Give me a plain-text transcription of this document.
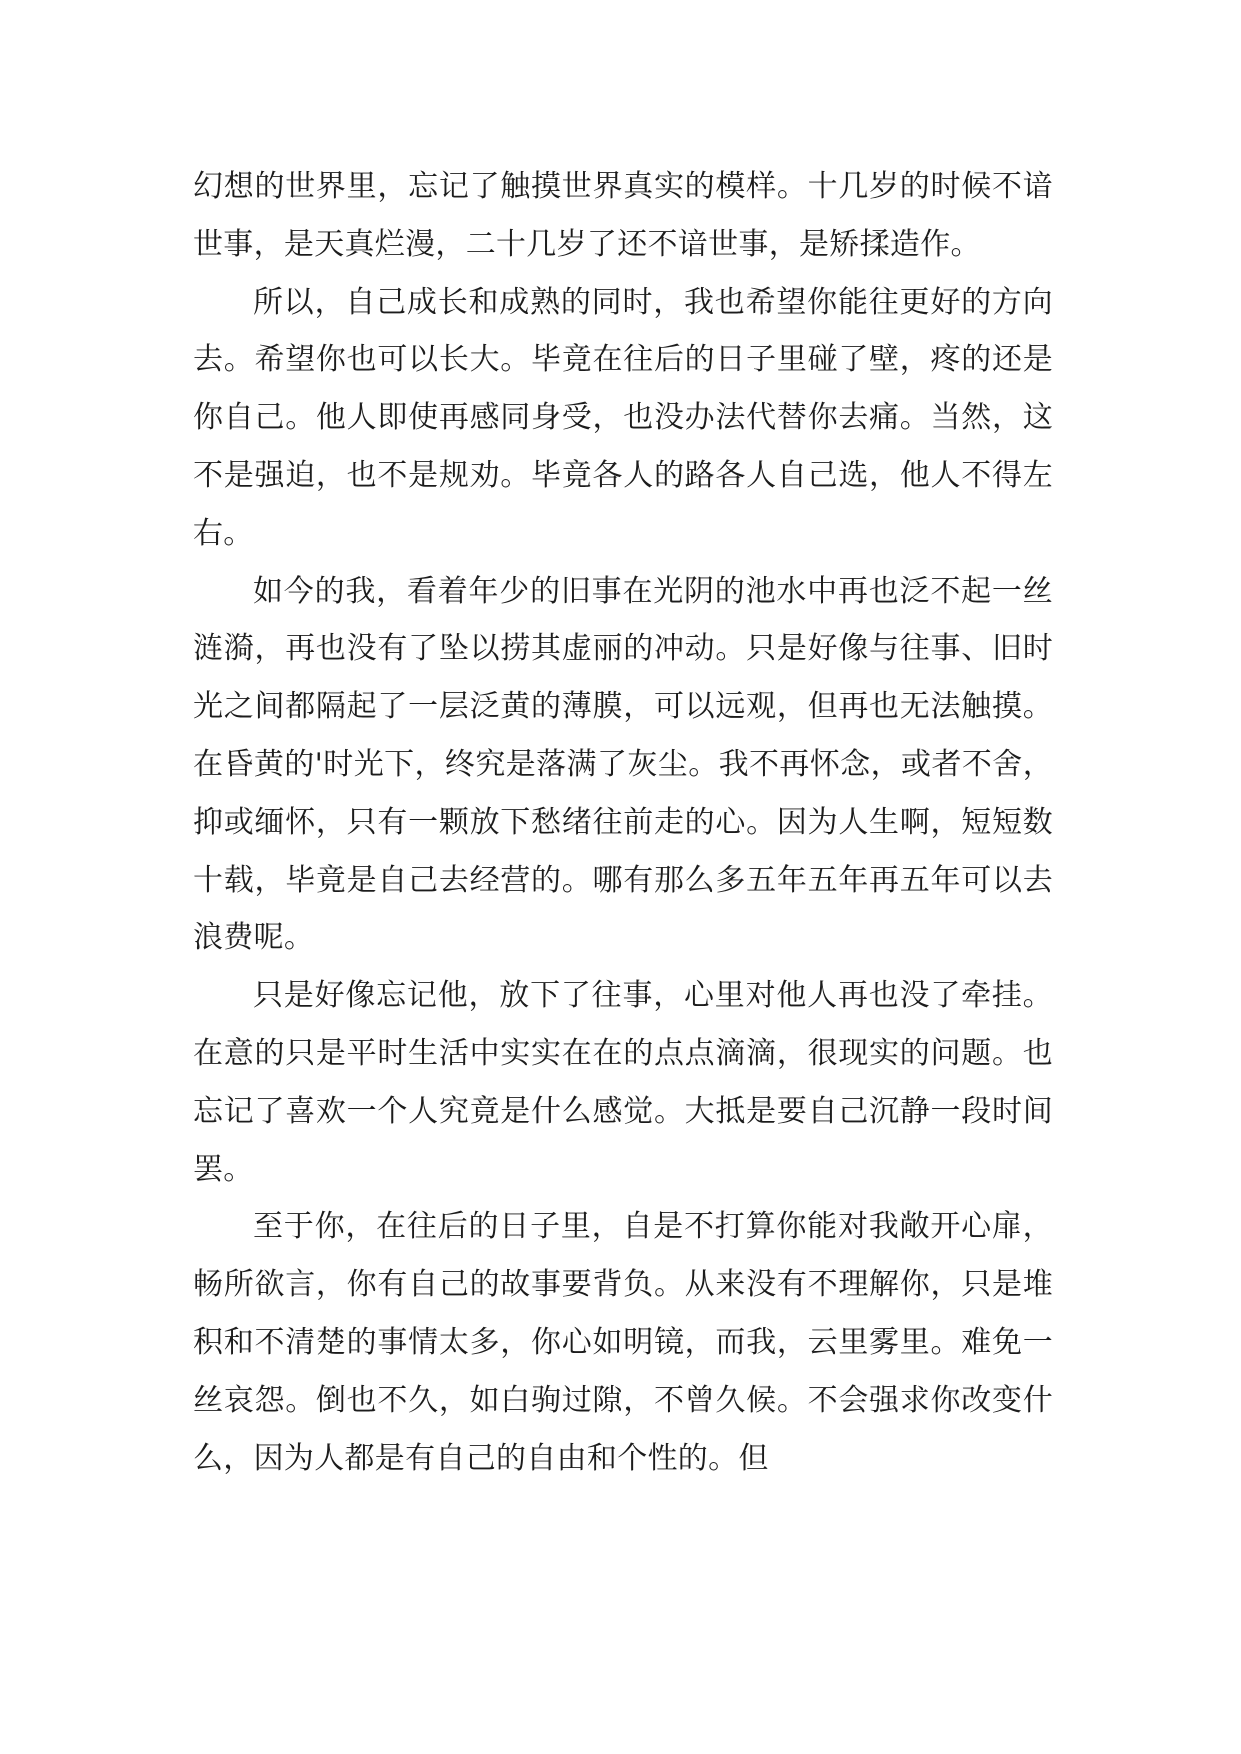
幻想的世界里，忘记了触摸世界真实的模样。十几岁的时候不谙世事，是天真烂漫，二十几岁了还不谙世事，是矫揉造作。

所以，自己成长和成熟的同时，我也希望你能往更好的方向去。希望你也可以长大。毕竟在往后的日子里碰了壁，疼的还是你自己。他人即使再感同身受，也没办法代替你去痛。当然，这不是强迫，也不是规劝。毕竟各人的路各人自己选，他人不得左右。

如今的我，看着年少的旧事在光阴的池水中再也泛不起一丝涟漪，再也没有了坠以捞其虚丽的冲动。只是好像与往事、旧时光之间都隔起了一层泛黄的薄膜，可以远观，但再也无法触摸。在昏黄的'时光下，终究是落满了灰尘。我不再怀念，或者不舍，抑或缅怀，只有一颗放下愁绪往前走的心。因为人生啊，短短数十载，毕竟是自己去经营的。哪有那么多五年五年再五年可以去浪费呢。

只是好像忘记他，放下了往事，心里对他人再也没了牵挂。在意的只是平时生活中实实在在的点点滴滴，很现实的问题。也忘记了喜欢一个人究竟是什么感觉。大抵是要自己沉静一段时间罢。

至于你，在往后的日子里，自是不打算你能对我敞开心扉，畅所欲言，你有自己的故事要背负。从来没有不理解你，只是堆积和不清楚的事情太多，你心如明镜，而我，云里雾里。难免一丝哀怨。倒也不久，如白驹过隙，不曾久候。不会强求你改变什么，因为人都是有自己的自由和个性的。但
